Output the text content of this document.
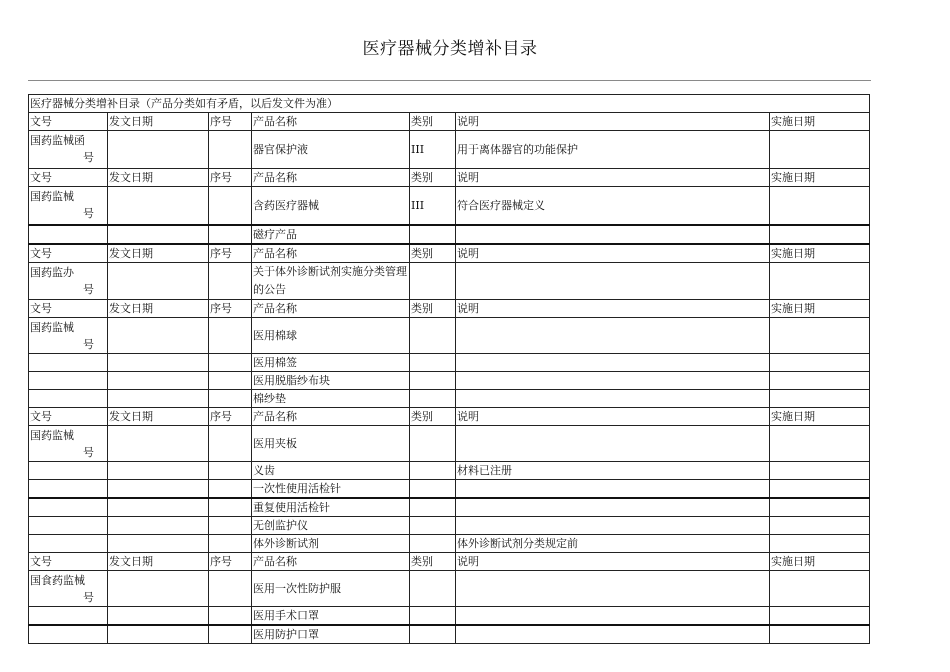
医疗器械分类增补目录
医疗器械分类增补目录（产品分类如有矛盾，以后发文件为准）						
文号	发文日期	序号	产品名称	类别	说明	实施日期

国药监械函
号			器官保护液	III	用于离体器官的功能保护	
文号	发文日期	序号	产品名称	类别	说明	实施日期

国药监械
号			含药医疗器械	III	符合医疗器械定义	
			磁疗产品			
文号	发文日期	序号	产品名称	类别	说明	实施日期

国药监办
号			关于体外诊断试剂实施分类管理的公告			
文号	发文日期	序号	产品名称	类别	说明	实施日期

国药监械
号			医用棉球			
			医用棉签			
			医用脱脂纱布块			
			棉纱垫			
文号	发文日期	序号	产品名称	类别	说明	实施日期

国药监械
号			医用夹板			
			义齿		材料已注册	
			一次性使用活检针			
			重复使用活检针			
			无创监护仪			
			体外诊断试剂		体外诊断试剂分类规定前	
文号	发文日期	序号	产品名称	类别	说明	实施日期

国食药监械
号			医用一次性防护服			
			医用手术口罩			
			医用防护口罩			
